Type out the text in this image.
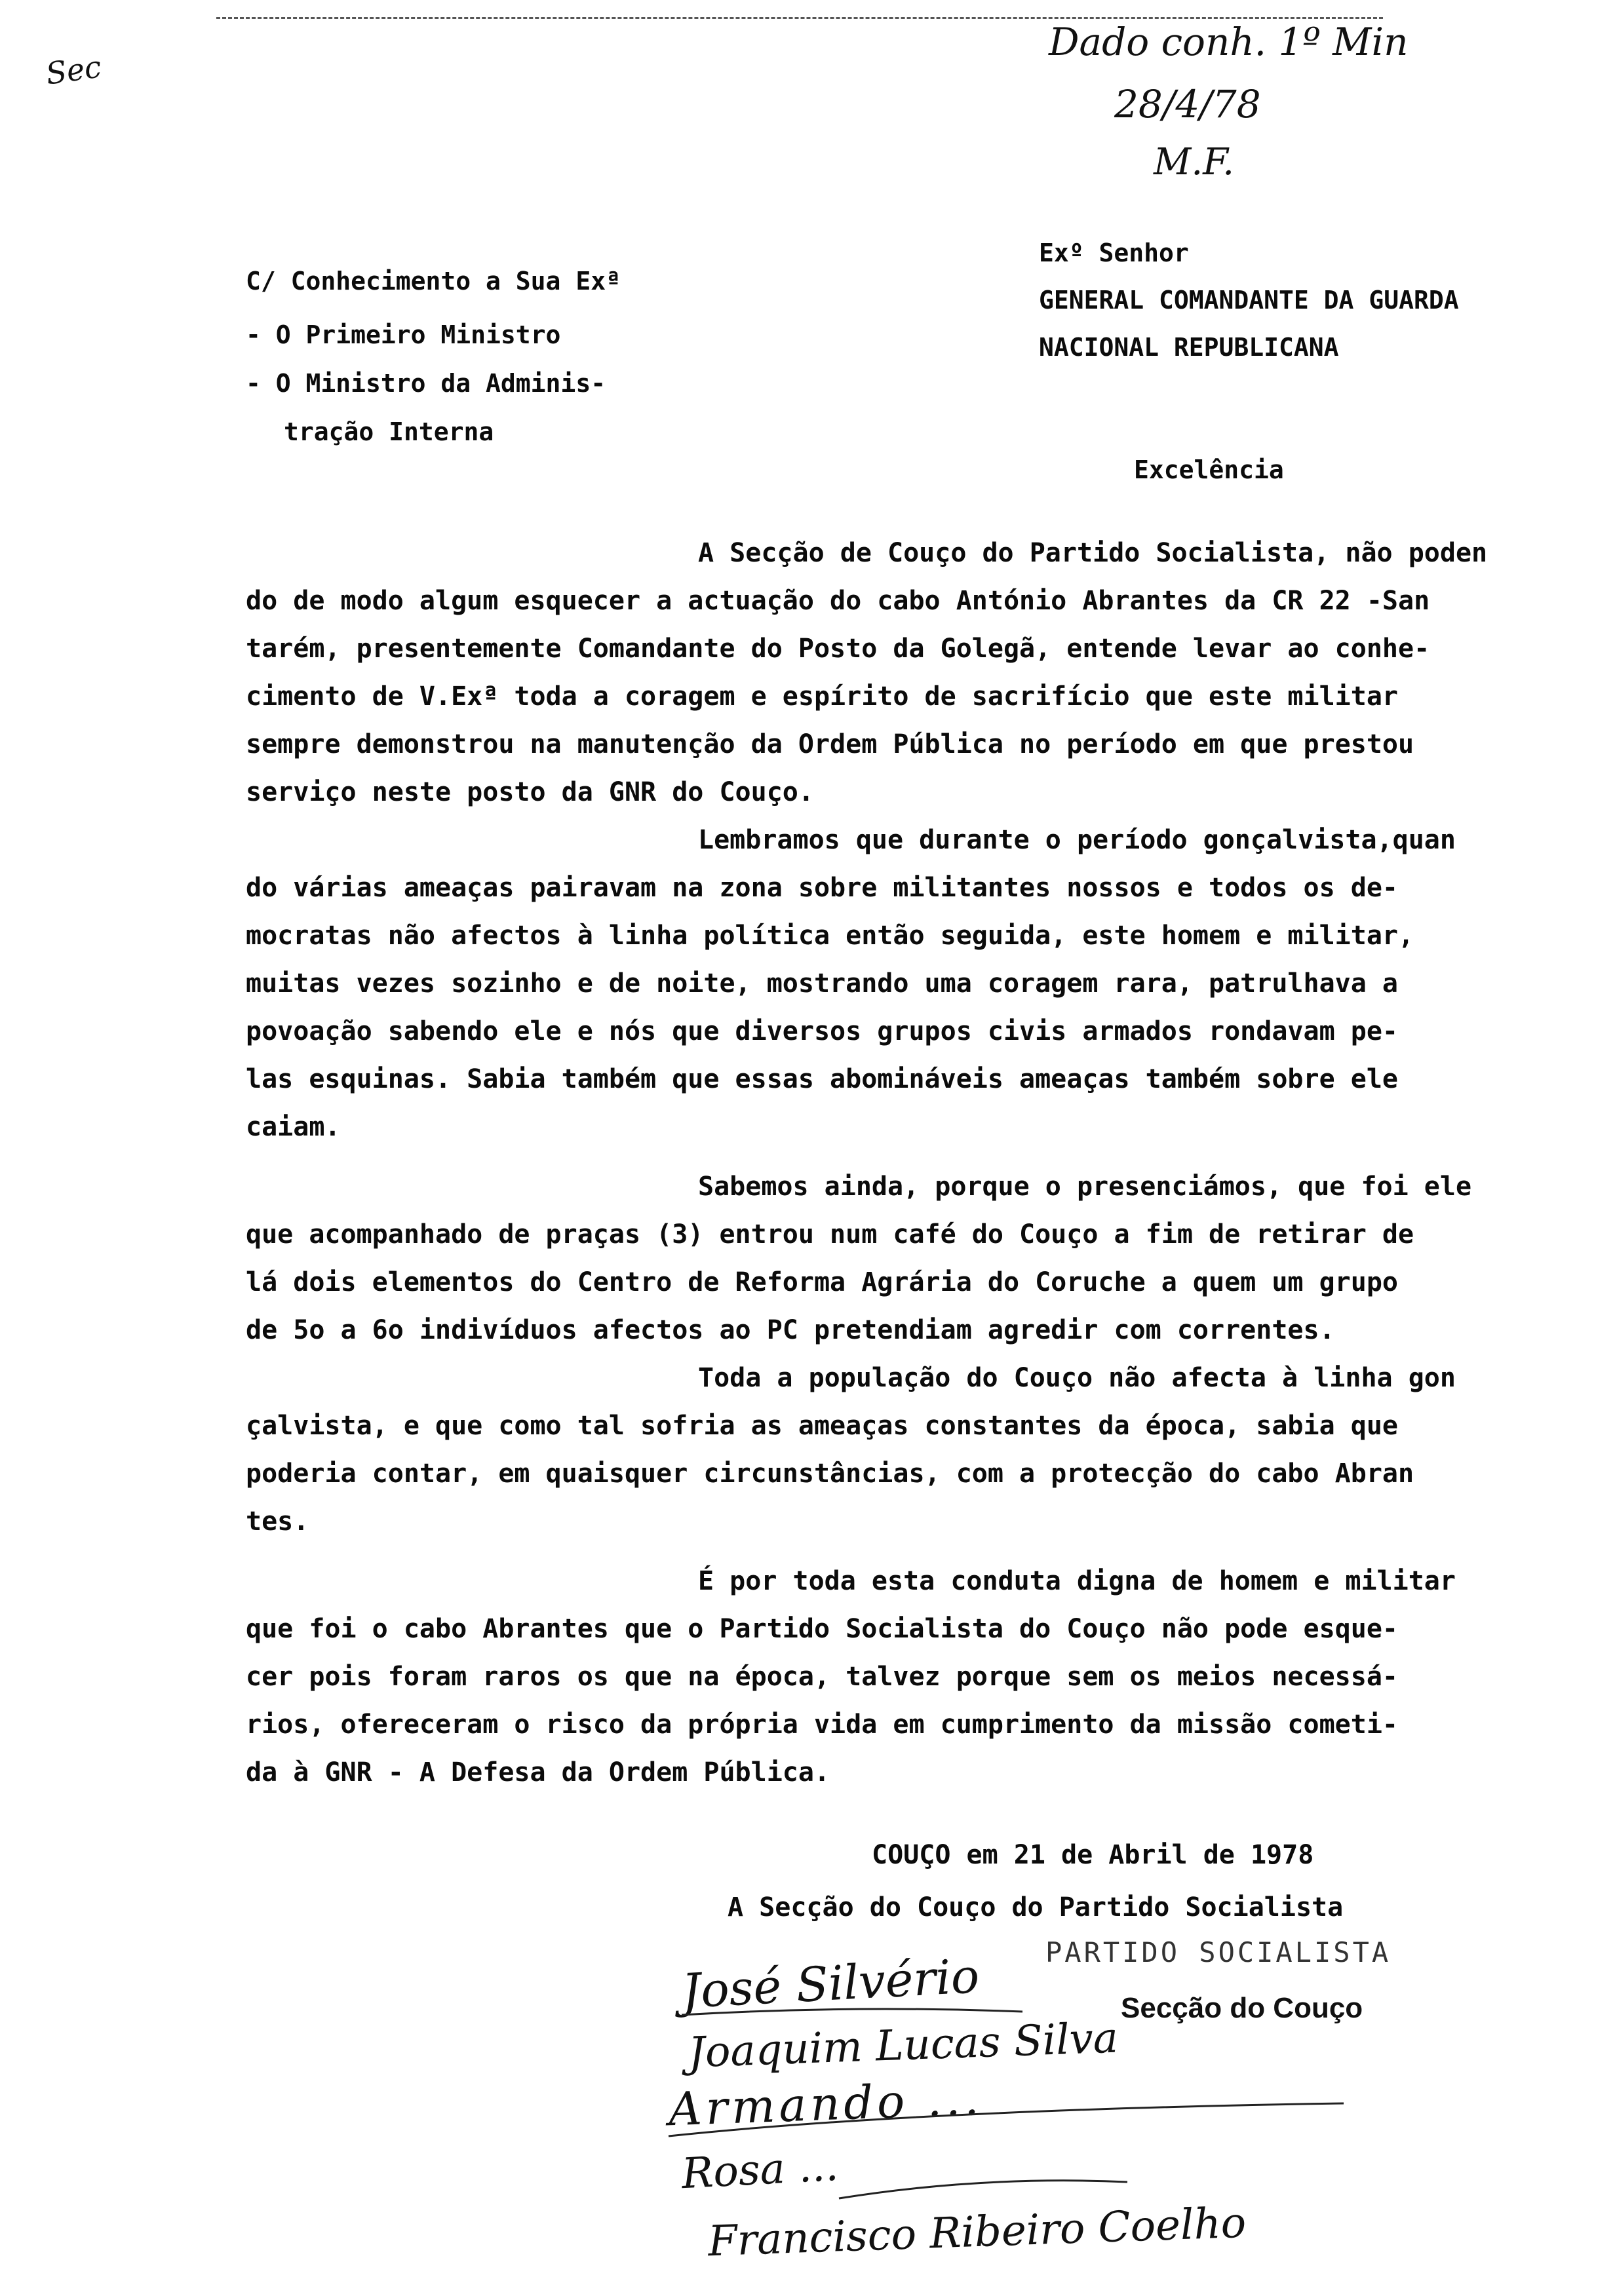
Sec
Dado conh. 1º Min
28/4/78
M.F.
C/ Conhecimento a Sua Exª
- O Primeiro Ministro
- O Ministro da Adminis-
tração Interna
Exº Senhor
GENERAL COMANDANTE DA GUARDA
NACIONAL REPUBLICANA
Excelência
A Secção de Couço do Partido Socialista, não poden
do de modo algum esquecer a actuação do cabo António Abrantes da CR 22 -San
tarém, presentemente Comandante do Posto da Golegã, entende levar ao conhe-
cimento de V.Exª toda a coragem e espírito de sacrifício que este militar
sempre demonstrou na manutenção da Ordem Pública no período em que prestou
serviço neste posto da GNR do Couço.
Lembramos que durante o período gonçalvista,quan
do várias ameaças pairavam na zona sobre militantes nossos e todos os de-
mocratas não afectos à linha política então seguida, este homem e militar,
muitas vezes sozinho e de noite, mostrando uma coragem rara, patrulhava a
povoação sabendo ele e nós que diversos grupos civis armados rondavam pe-
las esquinas. Sabia também que essas abomináveis ameaças também sobre ele
caiam.
Sabemos ainda, porque o presenciámos, que foi ele
que acompanhado de praças (3) entrou num café do Couço a fim de retirar de
lá dois elementos do Centro de Reforma Agrária do Coruche a quem um grupo
de 5o a 6o indivíduos afectos ao PC pretendiam agredir com correntes.
Toda a população do Couço não afecta à linha gon
çalvista, e que como tal sofria as ameaças constantes da época, sabia que
poderia contar, em quaisquer circunstâncias, com a protecção do cabo Abran
tes.
É por toda esta conduta digna de homem e militar
que foi o cabo Abrantes que o Partido Socialista do Couço não pode esque-
cer pois foram raros os que na época, talvez porque sem os meios necessá-
rios, ofereceram o risco da própria vida em cumprimento da missão cometi-
da à GNR - A Defesa da Ordem Pública.
COUÇO em 21 de Abril de 1978
A Secção do Couço do Partido Socialista
PARTIDO SOCIALISTA
Secção do Couço
José Silvério
Joaquim Lucas Silva
Armando ...
Rosa ...
Francisco Ribeiro Coelho
